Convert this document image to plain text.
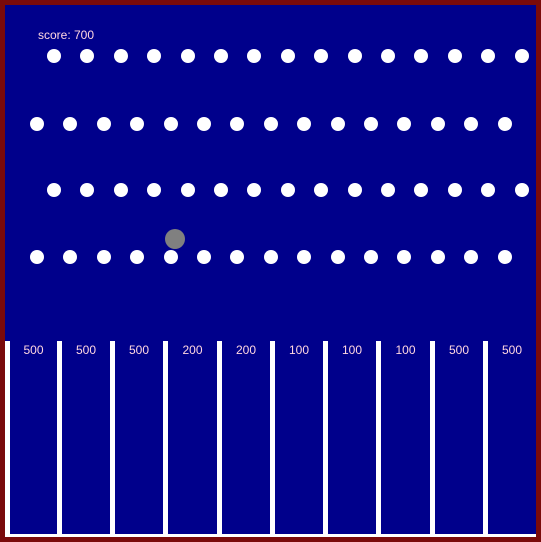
score: 700
500	500	500	200	200	100	100	100	500	500
